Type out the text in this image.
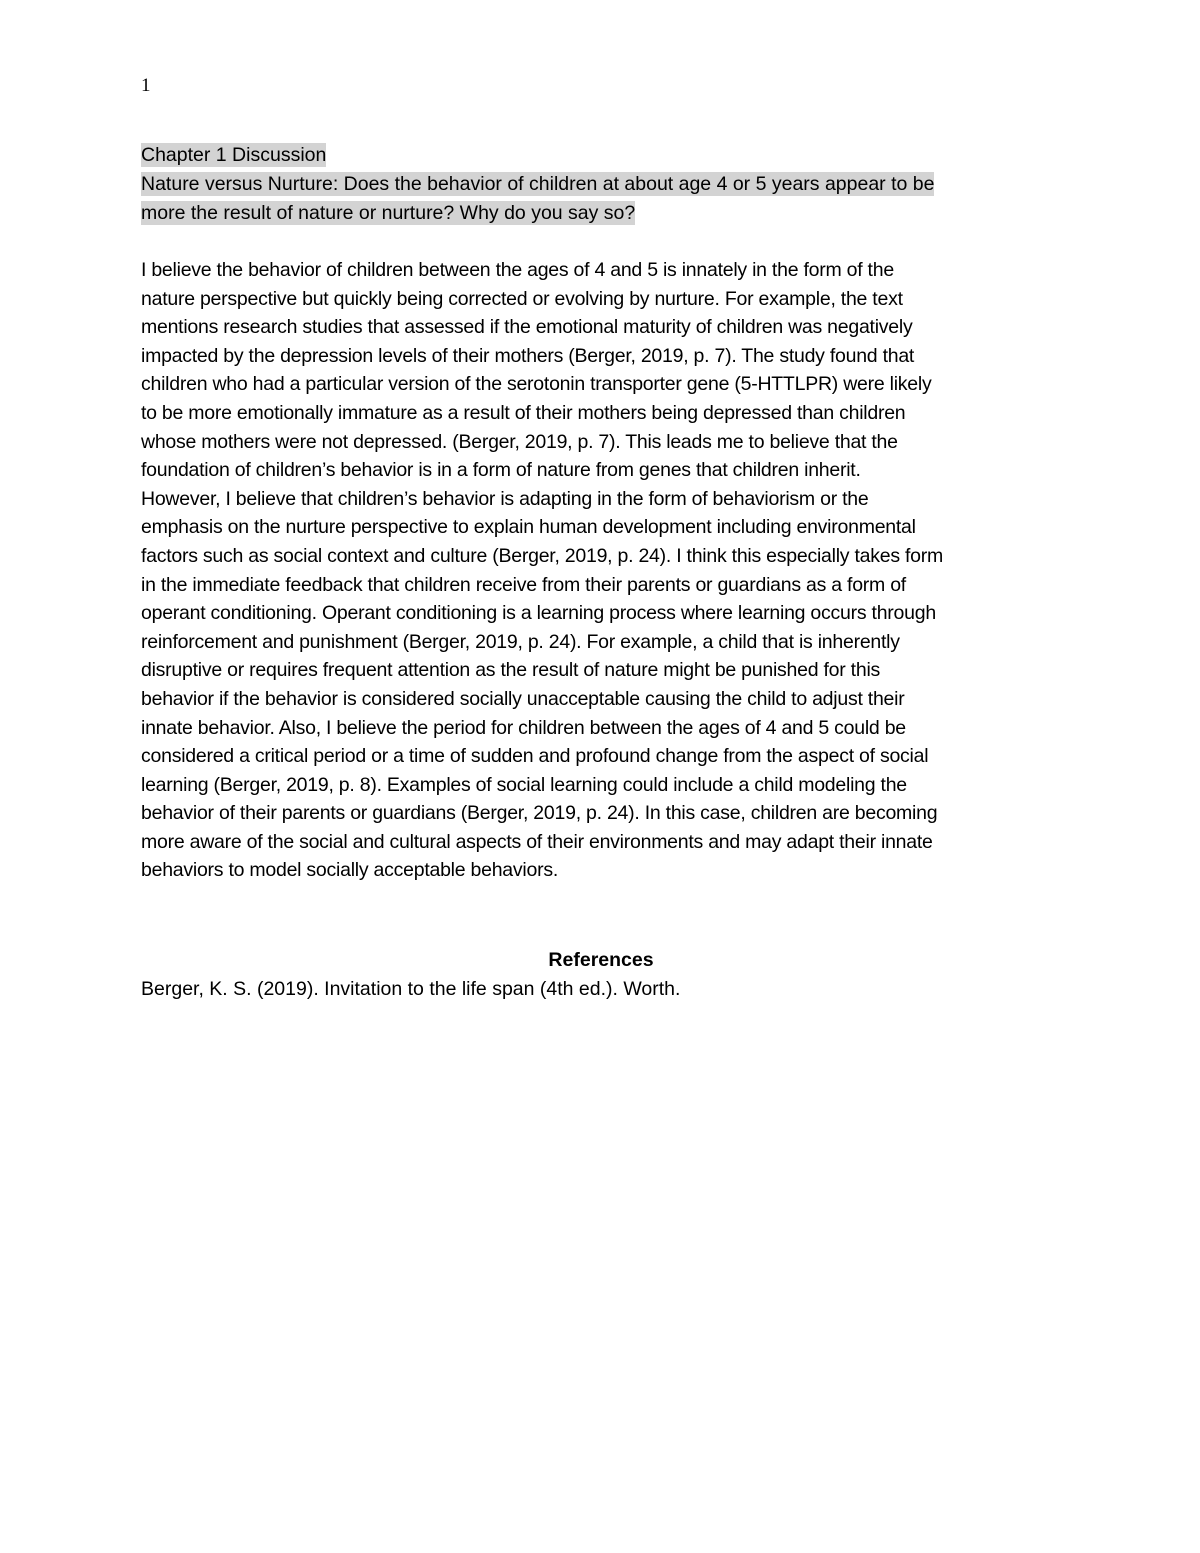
1
Chapter 1 Discussion
Nature versus Nurture: Does the behavior of children at about age 4 or 5 years appear to be
more the result of nature or nurture? Why do you say so?
I believe the behavior of children between the ages of 4 and 5 is innately in the form of the
nature perspective but quickly being corrected or evolving by nurture. For example, the text
mentions research studies that assessed if the emotional maturity of children was negatively
impacted by the depression levels of their mothers (Berger, 2019, p. 7). The study found that
children who had a particular version of the serotonin transporter gene (5-HTTLPR) were likely
to be more emotionally immature as a result of their mothers being depressed than children
whose mothers were not depressed. (Berger, 2019, p. 7). This leads me to believe that the
foundation of children’s behavior is in a form of nature from genes that children inherit.
However, I believe that children’s behavior is adapting in the form of behaviorism or the
emphasis on the nurture perspective to explain human development including environmental
factors such as social context and culture (Berger, 2019, p. 24). I think this especially takes form
in the immediate feedback that children receive from their parents or guardians as a form of
operant conditioning. Operant conditioning is a learning process where learning occurs through
reinforcement and punishment (Berger, 2019, p. 24). For example, a child that is inherently
disruptive or requires frequent attention as the result of nature might be punished for this
behavior if the behavior is considered socially unacceptable causing the child to adjust their
innate behavior. Also, I believe the period for children between the ages of 4 and 5 could be
considered a critical period or a time of sudden and profound change from the aspect of social
learning (Berger, 2019, p. 8). Examples of social learning could include a child modeling the
behavior of their parents or guardians (Berger, 2019, p. 24). In this case, children are becoming
more aware of the social and cultural aspects of their environments and may adapt their innate
behaviors to model socially acceptable behaviors.
References
Berger, K. S. (2019). Invitation to the life span (4th ed.). Worth.
